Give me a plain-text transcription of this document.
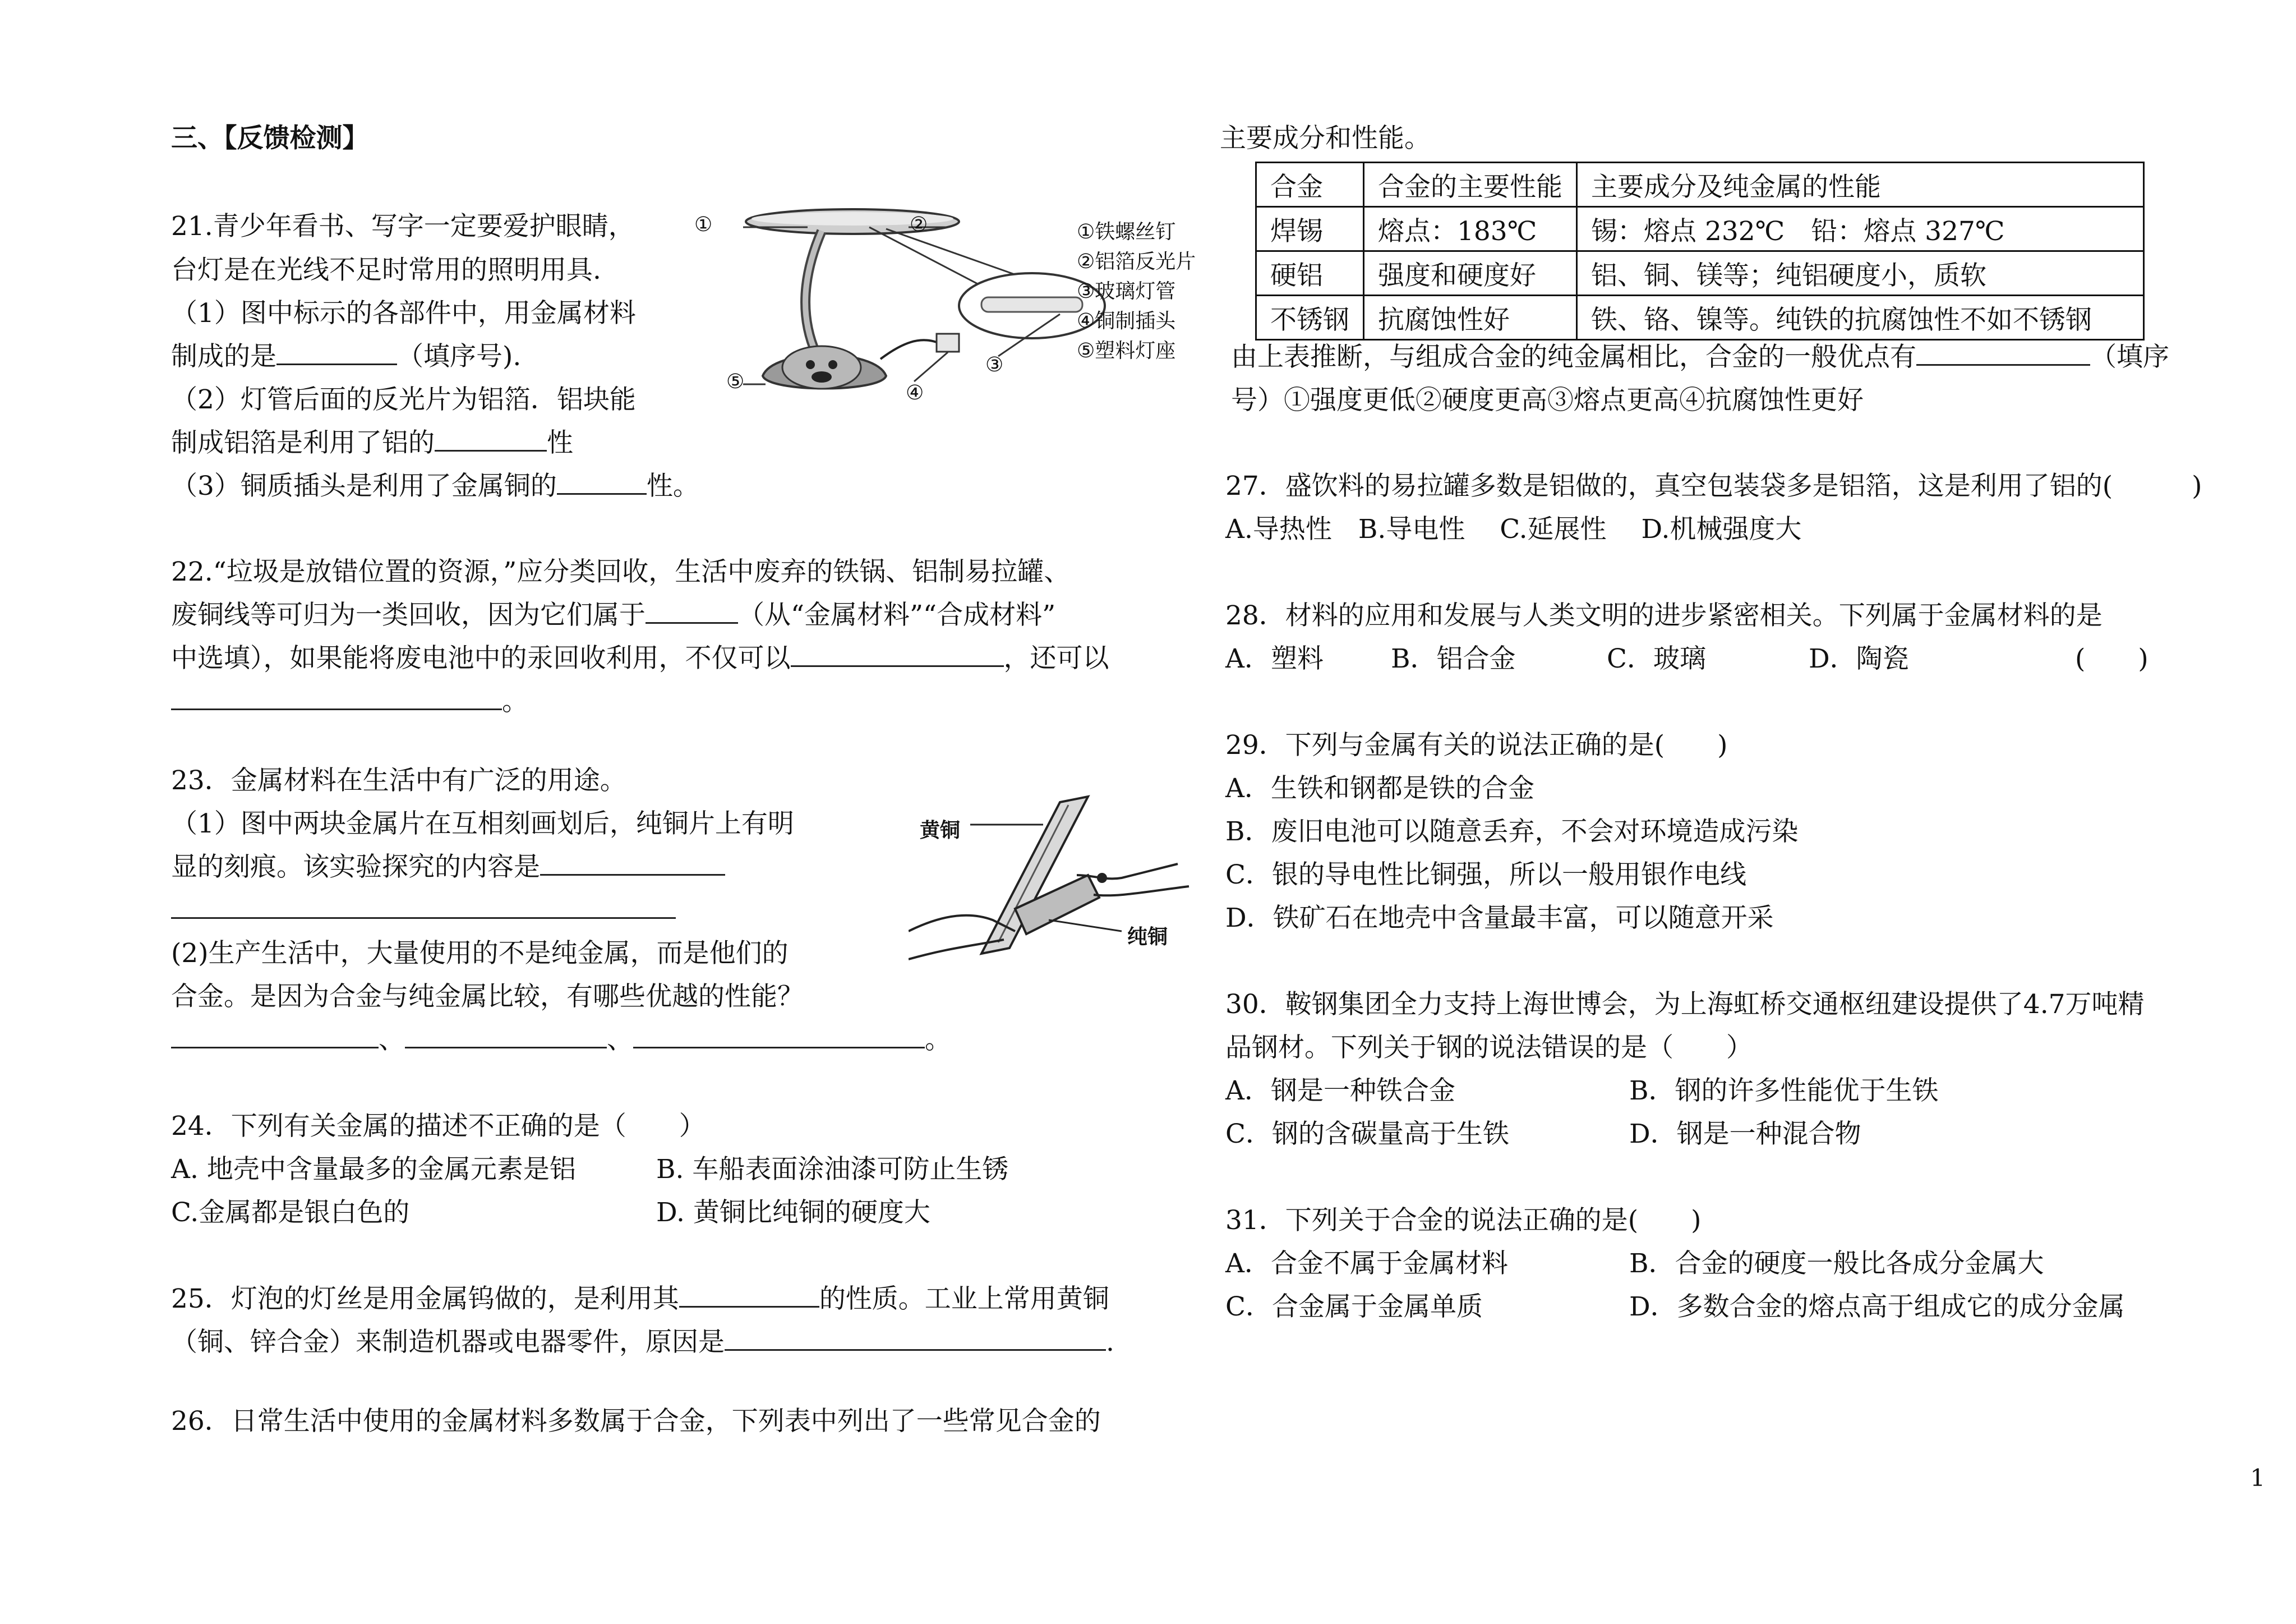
三、【反馈检测】
21.青少年看书、写字一定要爱护眼睛，
台灯是在光线不足时常用的照明用具.
（1）图中标示的各部件中，用金属材料
制成的是	（填序号).
（2）灯管后面的反光片为铝箔．铝块能
制成铝箔是利用了铝的	性
（3）铜质插头是利用了金属铜的	性。
①	②
③
④
⑤
①铁螺丝钉
②铝箔反光片
③玻璃灯管
④铜制插头
⑤塑料灯座
22.“垃圾是放错位置的资源，”应分类回收，生活中废弃的铁锅、铝制易拉罐、
废铜线等可归为一类回收，因为它们属于	（从“金属材料”“合成材料”
中选填），如果能将废电池中的汞回收利用，不仅可以	，还可以
。
23．金属材料在生活中有广泛的用途。
（1）图中两块金属片在互相刻画划后，纯铜片上有明
显的刻痕。该实验探究的内容是
(2)生产生活中，大量使用的不是纯金属，而是他们的
合金。是因为合金与纯金属比较，有哪些优越的性能？
、	、	。
黄铜
纯铜
24．下列有关金属的描述不正确的是（　　）
A. 地壳中含量最多的金属元素是铝	B. 车船表面涂油漆可防止生锈
C.金属都是银白色的	D. 黄铜比纯铜的硬度大
25．灯泡的灯丝是用金属钨做的，是利用其	的性质。工业上常用黄铜
（铜、锌合金）来制造机器或电器零件，原因是	.
26．日常生活中使用的金属材料多数属于合金，下列表中列出了一些常见合金的
主要成分和性能。
合金	合金的主要性能	主要成分及纯金属的性能
焊锡	熔点：183℃	锡：熔点 232℃　铅：熔点 327℃
硬铝	强度和硬度好	铝、铜、镁等；纯铝硬度小，质软
不锈钢	抗腐蚀性好	铁、铬、镍等。纯铁的抗腐蚀性不如不锈钢
由上表推断，与组成合金的纯金属相比，合金的一般优点有	（填序
号）①强度更低②硬度更高③熔点更高④抗腐蚀性更好
27．盛饮料的易拉罐多数是铝做的，真空包装袋多是铝箔，这是利用了铝的(　　　)
A.导热性　B.导电性　 C.延展性　 D.机械强度大
28．材料的应用和发展与人类文明的进步紧密相关。下列属于金属材料的是
A．塑料	B．铝合金	C．玻璃	D．陶瓷	(　　)
29．下列与金属有关的说法正确的是(　　)
A．生铁和钢都是铁的合金
B．废旧电池可以随意丢弃，不会对环境造成污染
C．银的导电性比铜强，所以一般用银作电线
D．铁矿石在地壳中含量最丰富，可以随意开采
30．鞍钢集团全力支持上海世博会，为上海虹桥交通枢纽建设提供了4.7万吨精
品钢材。下列关于钢的说法错误的是（　　）
A．钢是一种铁合金	B．钢的许多性能优于生铁
C．钢的含碳量高于生铁	D．钢是一种混合物
31．下列关于合金的说法正确的是(　　)
A．合金不属于金属材料	B．合金的硬度一般比各成分金属大
C．合金属于金属单质	D．多数合金的熔点高于组成它的成分金属
1
